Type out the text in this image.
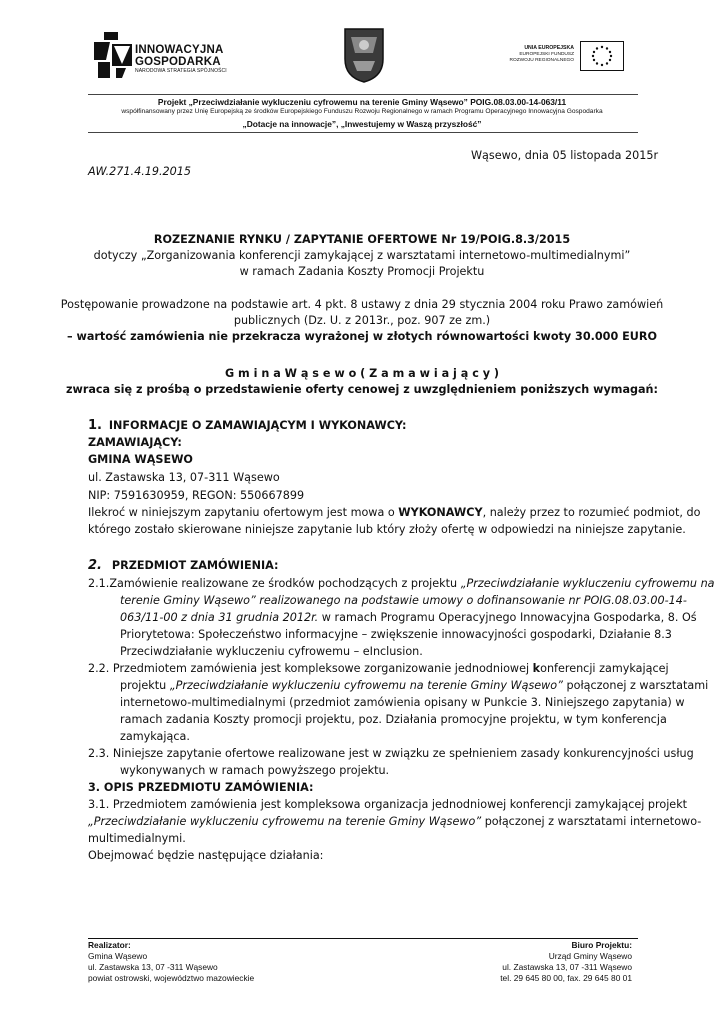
INNOWACYJNA
GOSPODARKA
NARODOWA STRATEGIA SPÓJNOŚCI
UNIA EUROPEJSKA
EUROPEJSKI FUNDUSZ
ROZWOJU REGIONALNEGO
Projekt „Przeciwdziałanie wykluczeniu cyfrowemu na terenie Gminy Wąsewo” POIG.08.03.00-14-063/11
współfinansowany przez Unię Europejską ze środków Europejskiego Funduszu Rozwoju Regionalnego w ramach Programu Operacyjnego Innowacyjna Gospodarka
„Dotacje na innowacje”, „Inwestujemy w Waszą przyszłość”
Wąsewo, dnia 05 listopada 2015r
AW.271.4.19.2015
ROZEZNANIE RYNKU / ZAPYTANIE OFERTOWE Nr 19/POIG.8.3/2015
dotyczy „Zorganizowania konferencji zamykającej z warsztatami internetowo-multimedialnymi”
w ramach Zadania Koszty Promocji Projektu
Postępowanie prowadzone na podstawie art. 4 pkt. 8 ustawy z dnia 29 stycznia 2004 roku Prawo zamówień
publicznych (Dz. U. z 2013r., poz. 907 ze zm.)
– wartość zamówienia nie przekracza wyrażonej w złotych równowartości kwoty 30.000 EURO
G m i n a W ą s e w o ( Z a m a w i a j ą c y )
zwraca się z prośbą o przedstawienie oferty cenowej z uwzględnieniem poniższych wymagań:
1. INFORMACJE O ZAMAWIAJĄCYM I WYKONAWCY:
ZAMAWIAJĄCY:
GMINA WĄSEWO
ul. Zastawska 13, 07-311 Wąsewo
NIP: 7591630959, REGON: 550667899
Ilekroć w niniejszym zapytaniu ofertowym jest mowa o WYKONAWCY, należy przez to rozumieć podmiot, do
którego zostało skierowane niniejsze zapytanie lub który złoży ofertę w odpowiedzi na niniejsze zapytanie.
2. PRZEDMIOT ZAMÓWIENIA:
2.1.Zamówienie realizowane ze środków pochodzących z projektu „Przeciwdziałanie wykluczeniu cyfrowemu na
terenie Gminy Wąsewo” realizowanego na podstawie umowy o dofinansowanie nr POIG.08.03.00-14-
063/11-00 z dnia 31 grudnia 2012r. w ramach Programu Operacyjnego Innowacyjna Gospodarka, 8. Oś
Priorytetowa: Społeczeństwo informacyjne – zwiększenie innowacyjności gospodarki, Działanie 8.3
Przeciwdziałanie wykluczeniu cyfrowemu – eInclusion.
2.2. Przedmiotem zamówienia jest kompleksowe zorganizowanie jednodniowej konferencji zamykającej
projektu „Przeciwdziałanie wykluczeniu cyfrowemu na terenie Gminy Wąsewo” połączonej z warsztatami
internetowo-multimedialnymi (przedmiot zamówienia opisany w Punkcie 3. Niniejszego zapytania) w
ramach zadania Koszty promocji projektu, poz. Działania promocyjne projektu, w tym konferencja
zamykająca.
2.3. Niniejsze zapytanie ofertowe realizowane jest w związku ze spełnieniem zasady konkurencyjności usług
wykonywanych w ramach powyższego projektu.
3. OPIS PRZEDMIOTU ZAMÓWIENIA:
3.1. Przedmiotem zamówienia jest kompleksowa organizacja jednodniowej konferencji zamykającej projekt
„Przeciwdziałanie wykluczeniu cyfrowemu na terenie Gminy Wąsewo” połączonej z warsztatami internetowo-
multimedialnymi.
Obejmować będzie następujące działania:
Realizator:
Gmina Wąsewo
ul. Zastawska 13, 07 -311 Wąsewo
powiat ostrowski, województwo mazowieckie
Biuro Projektu:
Urząd Gminy Wąsewo
ul. Zastawska 13, 07 -311 Wąsewo
tel. 29 645 80 00, fax. 29 645 80 01
